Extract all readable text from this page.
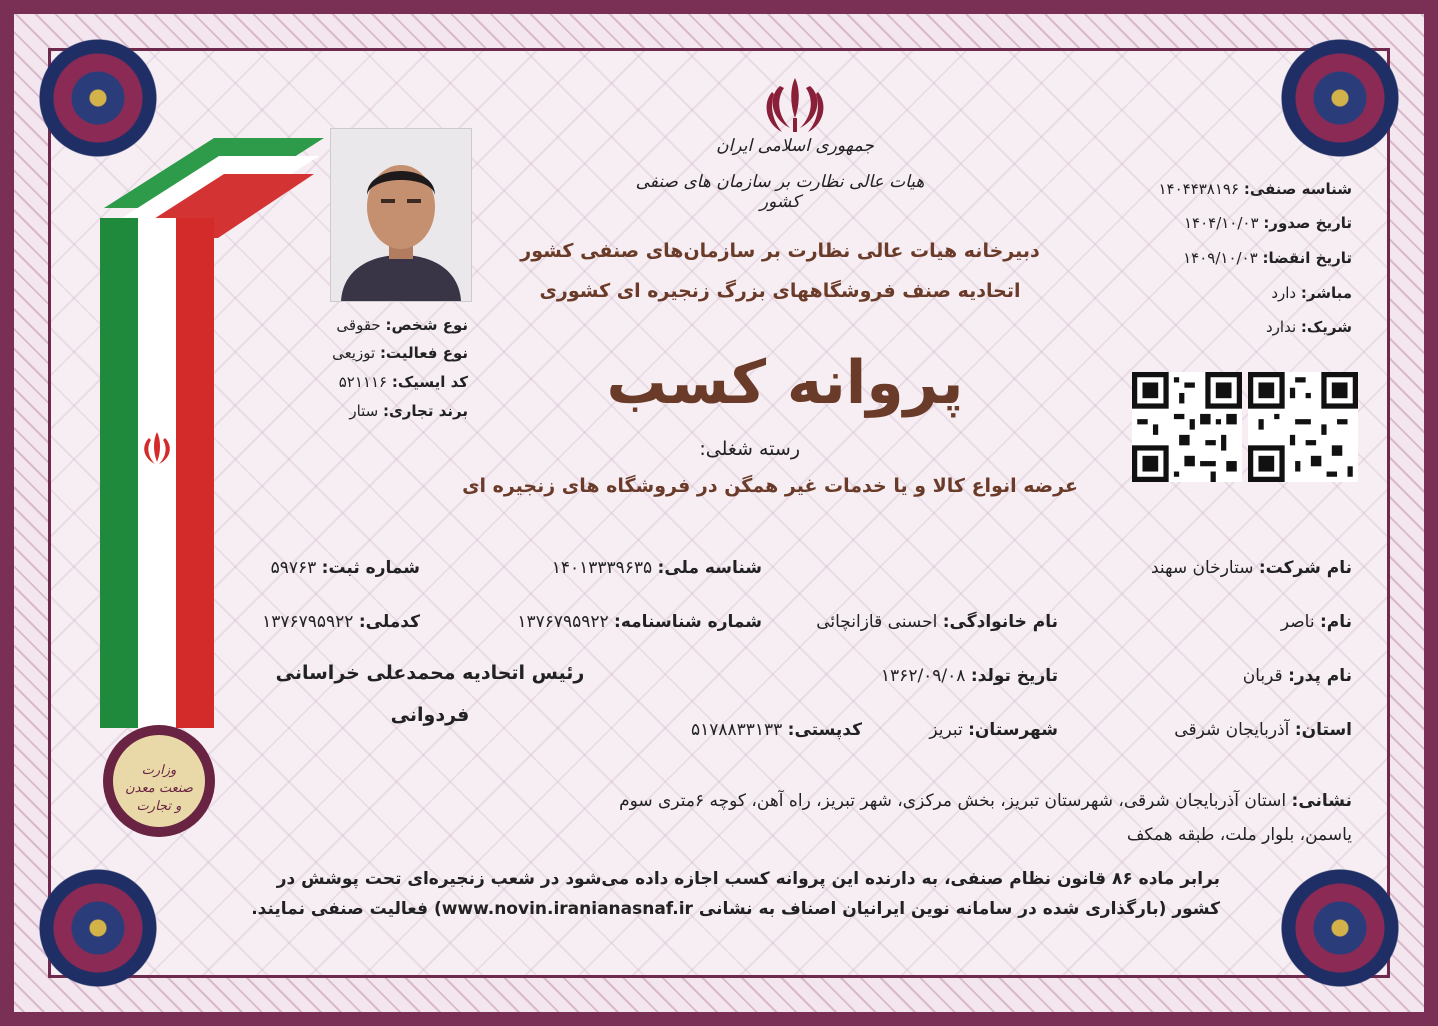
جمهوری اسلامی ایران
هیات عالی نظارت بر سازمان های صنفی کشور
دبیرخانه هیات عالی نظارت بر سازمان‌های صنفی کشور
اتحادیه صنف فروشگاههای بزرگ زنجیره ای کشوری
پروانه کسب
رسته شغلی:
عرضه انواع کالا و یا خدمات غیر همگن در فروشگاه های زنجیره ای
وزارت
صنعت معدن
و تجارت
نوع شخص: حقوقی
نوع فعالیت: توزیعی
کد ایسیک: ۵۲۱۱۱۶
برند تجاری: ستار
شناسه صنفی: ۱۴۰۴۴۳۸۱۹۶
تاریخ صدور: ۱۴۰۴/۱۰/۰۳
تاریخ انقضا: ۱۴۰۹/۱۰/۰۳
مباشر: دارد
شریک: ندارد
نام شرکت: ستارخان سهند
شناسه ملی: ۱۴۰۱۳۳۳۹۶۳۵
شماره ثبت: ۵۹۷۶۳
نام: ناصر
نام خانوادگی: احسنی قازانچائی
شماره شناسنامه: ۱۳۷۶۷۹۵۹۲۲
کدملی: ۱۳۷۶۷۹۵۹۲۲
نام پدر: قربان
تاریخ تولد: ۱۳۶۲/۰۹/۰۸
استان: آذربایجان شرقی
شهرستان: تبریز
کدپستی: ۵۱۷۸۸۳۳۱۳۳
رئیس اتحادیه محمدعلی خراسانی
فردوانی
نشانی: استان آذربایجان شرقی، شهرستان تبریز، بخش مرکزی، شهر تبریز، راه آهن، کوچه ۶متری سوم یاسمن، بلوار ملت، طبقه همکف
برابر ماده ۸۶ قانون نظام صنفی، به دارنده این پروانه کسب اجازه داده می‌شود در شعب زنجیره‌ای تحت پوشش در کشور (بارگذاری شده در سامانه نوین ایرانیان اصناف به نشانی www.novin.iranianasnaf.ir) فعالیت صنفی نمایند.
